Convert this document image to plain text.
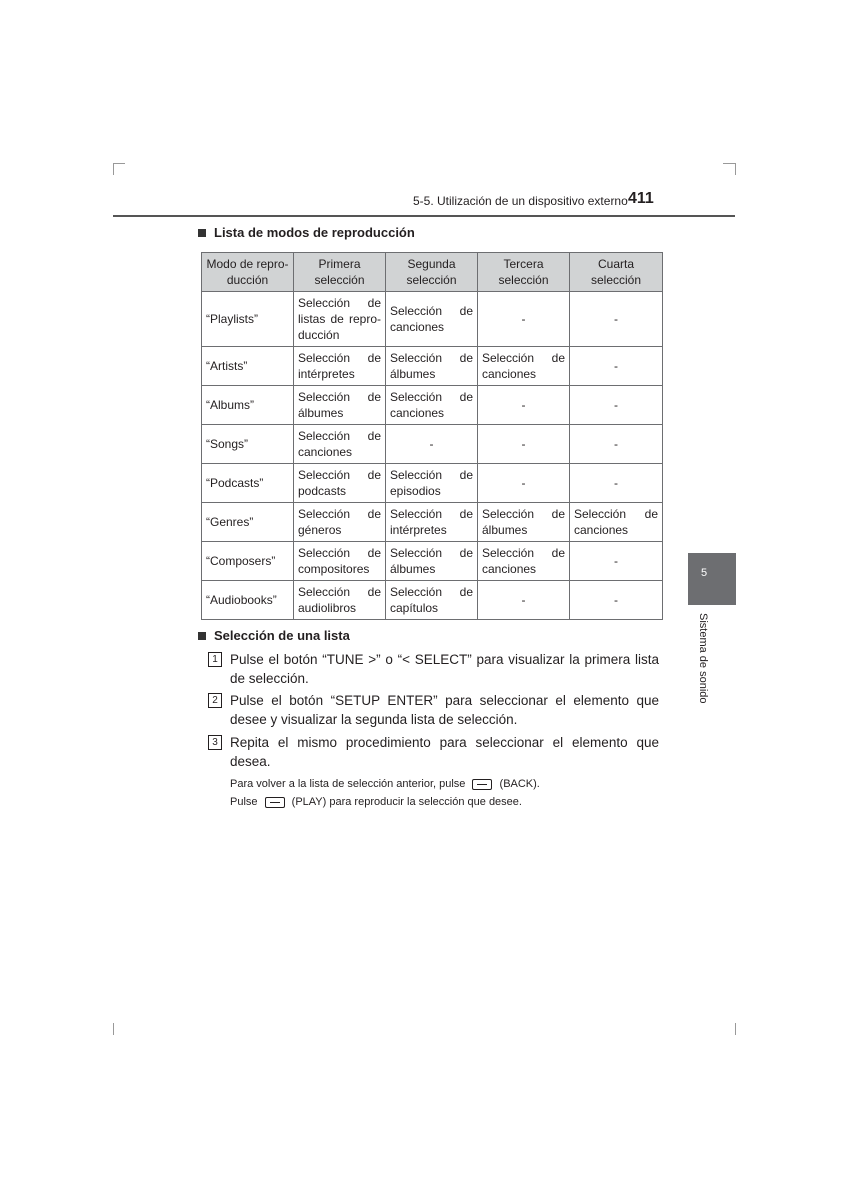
5-5. Utilización de un dispositivo externo 411
5
Sistema de sonido
Lista de modos de reproducción
Modo de repro-ducción	Primera selección	Segunda selección	Tercera selección	Cuarta selección
“Playlists”	Selección de listas de repro-ducción	Selección de canciones	-	-
“Artists”	Selección de intérpretes	Selección de álbumes	Selección de canciones	-
“Albums”	Selección de álbumes	Selección de canciones	-	-
“Songs”	Selección de canciones	-	-	-
“Podcasts”	Selección de podcasts	Selección de episodios	-	-
“Genres”	Selección de géneros	Selección de intérpretes	Selección de álbumes	Selección de canciones
“Composers”	Selección de compositores	Selección de álbumes	Selección de canciones	-
“Audiobooks”	Selección de audiolibros	Selección de capítulos	-	-
Selección de una lista
1 Pulse el botón “TUNE >” o “< SELECT” para visualizar la primera lista de selección.
2 Pulse el botón “SETUP ENTER” para seleccionar el elemento que desee y visualizar la segunda lista de selección.
3 Repita el mismo procedimiento para seleccionar el elemento que desea.
Para volver a la lista de selección anterior, pulse	(BACK).
Pulse	(PLAY) para reproducir la selección que desee.
